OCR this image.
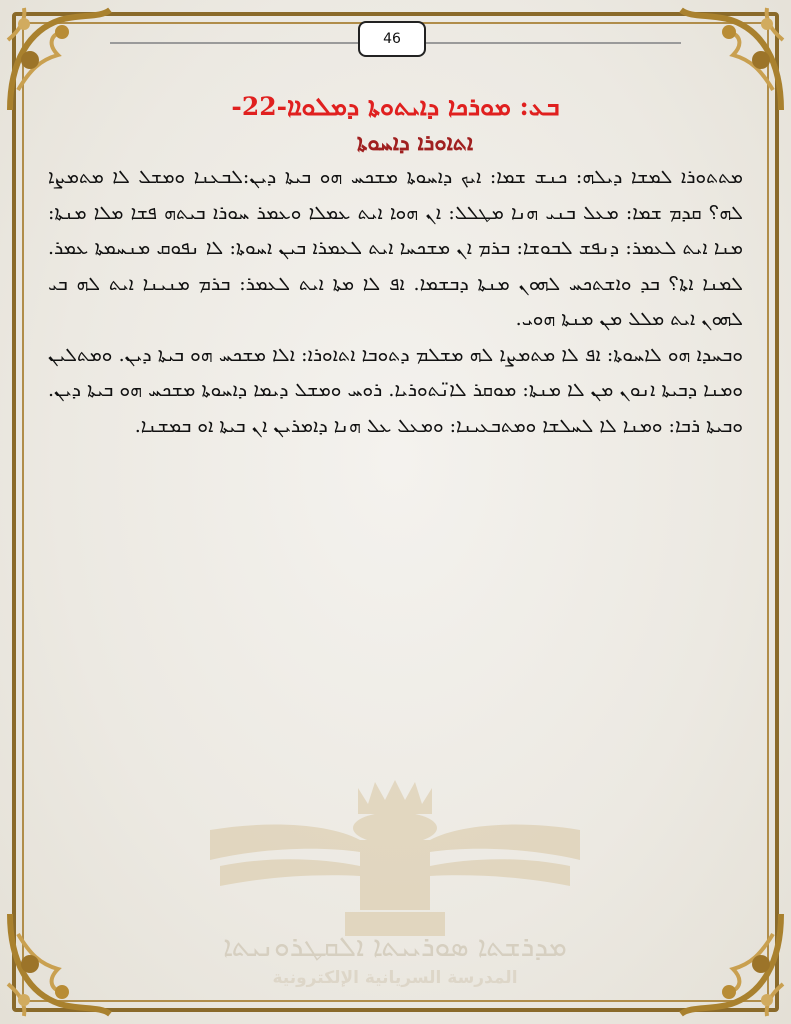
46
ܒܥ: ܡܘܪܟܐ ܕܐܝܬܘܬܐ ܕܡܠܘܐܐ-22-
ܐܬܐܘܪܐ ܕܐܚܘܬܐ

ܡܬܬܘܪܐ ܠܡܫܐ ܕܝܠܗ: ܟܢܫ ܫܡܐ: ܐܝܟ ܕܐܚܘܬܐ ܡܫܟܚ ܗܘ ܒܝܬܐ ܕܝܢ:ܠܒܥܢܐ ܘܡܫܠ ܠܐ ܡܬܡܨܐ ܠܗ؟ ܩܕܡ ܫܡܐ: ܡܥܠ ܒܢܝ ܗܢܐ ܡܛܠܠ: ܐܢ ܗܘܐ ܐܝܬ ܥܡܠܐ ܘܥܡܪ ܚܘܪܐ ܒܝܬܗ ܦܫܐ ܡܠܐ ܡܢܬܐ: ܡܢܐ ܐܝܬ ܠܥܡܪ: ܕܢܦܫ ܠܒܘܫܐ: ܒܪܡ ܐܢ ܡܫܟܚܐ ܐܝܬ ܠܥܡܪܐ ܒܝܢ ܐܚܘܬܐ: ܠܐ ܢܦܘܩ ܡܢܚܡܬܐ ܥܡܪ. ܠܡܢܐ ܐܬܐ؟ ܒܕ ܘܐܫܬܟܚ ܠܗܘܢ ܡܢܬܐ ܕܒܫܡܐ. ܐܦ ܠܐ ܡܬܐ ܐܝܬ ܠܥܡܪ: ܒܪܡ ܡܢܝܢܐ ܐܝܬ ܠܗ ܒܝ ܠܗܘܢ ܐܝܬ ܡܠܠ ܡܢ ܡܢܬܐ ܗܘܝ.

ܘܒܚܕܐ ܗܘ ܠܐܚܘܬܐ: ܐܦ ܠܐ ܡܬܡܨܐ ܠܗ ܡܫܠܡ ܕܬܘܒܐ ܐܬܐܘܪܐ: ܐܠܐ ܡܫܟܚ ܗܘ ܒܝܬܐ ܕܝܢ. ܘܡܬܠܝܢ ܘܡܢܐ ܕܒܝܬܐ ܐܢܘܢ ܡܢ ܠܐ ܡܢܬܐ: ܡܘܩܪ ܠܐܢ̈ܬܘܪܝܐ. ܪܘܚ ܘܡܫܠ ܕܝܡܐ ܕܐܚܘܬܐ ܡܫܟܚ ܗܘ ܒܝܬܐ ܕܝܢ. ܘܒܝܬܐ ܪܒܐ: ܘܡܢܐ ܠܐ ܠܚܠܫܐ ܘܡܬܒܥܝܢܐ: ܘܡܥܠ ܥܠ ܗܢܐ ܕܐܡܪܝܢ ܐܢ ܒܝܬܐ ܐܘ ܒܡܫܢܐ.

ܡܕܪܫܬܐ ܣܘܪܝܝܬܐ ܐܠܩܛܪܘܢܝܬܐ
المدرسة السريانية الإلكترونية
